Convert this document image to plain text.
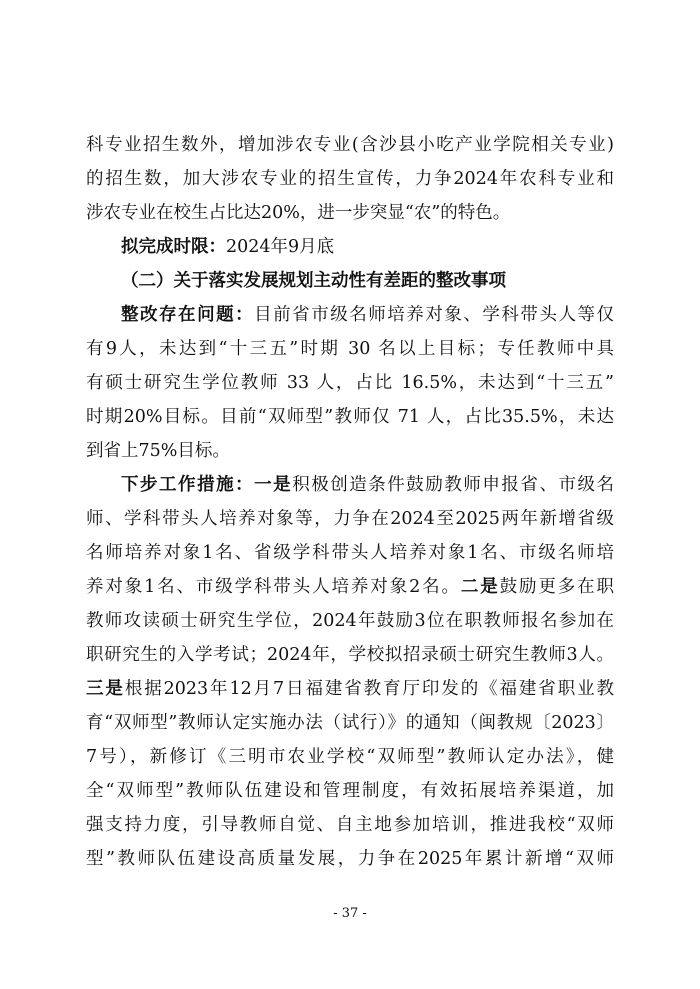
科专业招生数外，增加涉农专业(含沙县小吃产业学院相关专业)
的招生数，加大涉农专业的招生宣传，力争2024年农科专业和
涉农专业在校生占比达20%，进一步突显“农”的特色。
拟完成时限：2024年9月底
（二）关于落实发展规划主动性有差距的整改事项
整改存在问题：目前省市级名师培养对象、学科带头人等仅
有9人，未达到“十三五”时期 30 名以上目标；专任教师中具
有硕士研究生学位教师 33 人，占比 16.5%，未达到“十三五”
时期20%目标。目前“双师型”教师仅 71 人，占比35.5%，未达
到省上75%目标。
下步工作措施：一是积极创造条件鼓励教师申报省、市级名
师、学科带头人培养对象等，力争在2024至2025两年新增省级
名师培养对象1名、省级学科带头人培养对象1名、市级名师培
养对象1名、市级学科带头人培养对象2名。二是鼓励更多在职
教师攻读硕士研究生学位，2024年鼓励3位在职教师报名参加在
职研究生的入学考试；2024年，学校拟招录硕士研究生教师3人。
三是根据2023年12月7日福建省教育厅印发的《福建省职业教
育“双师型”教师认定实施办法（试行）》的通知（闽教规〔2023〕
7号），新修订《三明市农业学校“双师型”教师认定办法》，健
全“双师型”教师队伍建设和管理制度，有效拓展培养渠道，加
强支持力度，引导教师自觉、自主地参加培训，推进我校“双师
型”教师队伍建设高质量发展，力争在2025年累计新增“双师
- 37 -
